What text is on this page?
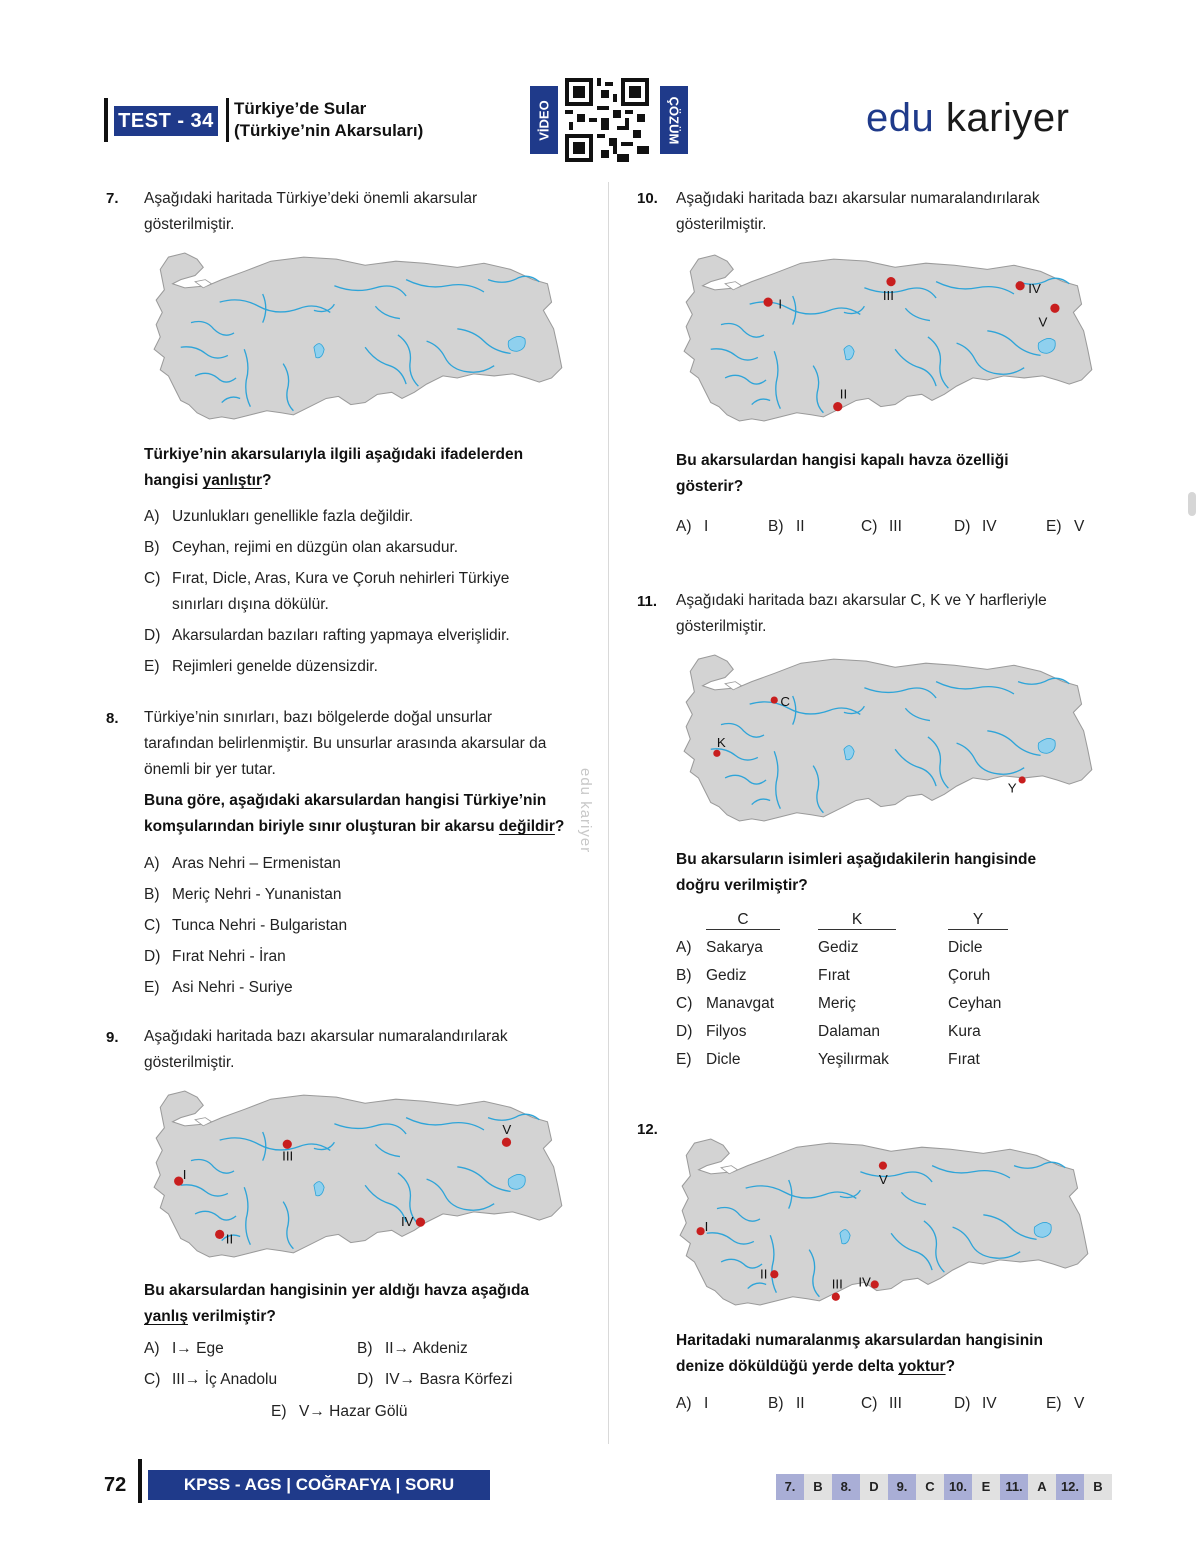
TEST - 34
Türkiye’de Sular
(Türkiye’nin Akarsuları)	VİDEO	ÇÖZÜM	edu kariyer
edu kariyer
7. Aşağıdaki haritada Türkiye’deki önemli akarsular
gösterilmiştir.
Türkiye’nin akarsularıyla ilgili aşağıdaki ifadelerden
hangisi yanlıştır?
A) Uzunlukları genellikle fazla değildir.
B) Ceyhan, rejimi en düzgün olan akarsudur.
C) Fırat, Dicle, Aras, Kura ve Çoruh nehirleri Türkiye
sınırları dışına dökülür.
D) Akarsulardan bazıları rafting yapmaya elverişlidir.
E) Rejimleri genelde düzensizdir.
8. Türkiye’nin sınırları, bazı bölgelerde doğal unsurlar
tarafından belirlenmiştir. Bu unsurlar arasında akarsular da
önemli bir yer tutar.
Buna göre, aşağıdaki akarsulardan hangisi Türkiye’nin
komşularından biriyle sınır oluşturan bir akarsu değildir?
A) Aras Nehri – Ermenistan
B) Meriç Nehri - Yunanistan
C) Tunca Nehri - Bulgaristan
D) Fırat Nehri - İran
E) Asi Nehri - Suriye
9. Aşağıdaki haritada bazı akarsular numaralandırılarak
gösterilmiştir.
I
II
III
IV
V
Bu akarsulardan hangisinin yer aldığı havza aşağıda
yanlış verilmiştir?
A) I→ Ege	B) II→ Akdeniz
C) III→ İç Anadolu	D) IV→ Basra Körfezi
E) V→ Hazar Gölü
10. Aşağıdaki haritada bazı akarsular numaralandırılarak
gösterilmiştir.
I
II
III	IV
V
Bu akarsulardan hangisi kapalı havza özelliği
gösterir?
A) I	B) II	C) III	D) IV	E) V
11. Aşağıdaki haritada bazı akarsular C, K ve Y harfleriyle
gösterilmiştir.
C
K
Y
Bu akarsuların isimleri aşağıdakilerin hangisinde
doğru verilmiştir?

	C	K	Y

A)	Sakarya	Gediz	Dicle
B)	Gediz	Fırat	Çoruh
C)	Manavgat	Meriç	Ceyhan
D)	Filyos	Dalaman	Kura
E)	Dicle	Yeşilırmak	Fırat
12.
I
II
III IV
V
Haritadaki numaralanmış akarsulardan hangisinin
denize döküldüğü yerde delta yoktur?
A) I	B) II	C) III	D) IV	E) V
72	KPSS - AGS | COĞRAFYA | SORU BANKASI
7.	B	8.	D	9.	C	10.	E	11.	A	12.	B
